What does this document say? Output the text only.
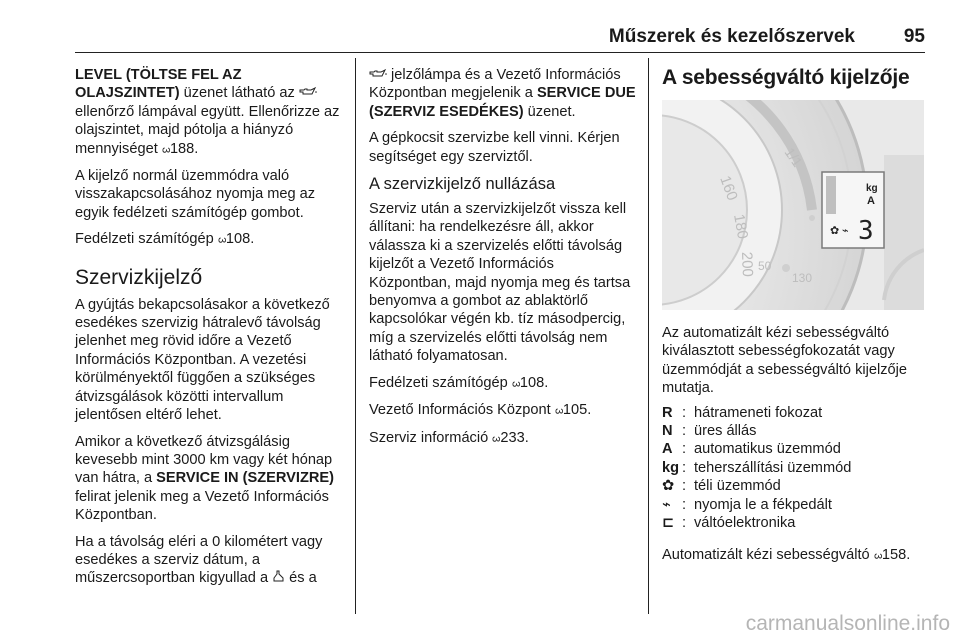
Műszerek és kezelőszervek	95

LEVEL (TÖLTSE FEL AZ OLAJSZINTET) üzenet látható az  ellenőrző lámpával együtt. Ellenőrizze az olajszintet, majd pótolja a hiányzó mennyiséget 3188.

A kijelző normál üzemmódra való visszakapcsolásához nyomja meg az egyik fedélzeti számítógép gombot.

Fedélzeti számítógép 3108.

Szervizkijelző

A gyújtás bekapcsolásakor a következő esedékes szervizig hátralevő távolság jelenhet meg rövid időre a Vezető Információs Központban. A vezetési körülményektől függően a szükséges átvizsgálások közötti intervallum jelentősen eltérő lehet.

Amikor a következő átvizsgálásig kevesebb mint 3000 km vagy két hónap van hátra, a SERVICE IN (SZERVIZRE) felirat jelenik meg a Vezető Információs Központban.

Ha a távolság eléri a 0 kilométert vagy esedékes a szerviz dátum, a műszercsoportban kigyullad a  és a

jelzőlámpa és a Vezető Információs Központban megjelenik a SERVICE DUE (SZERVIZ ESEDÉKES) üzenet.

A gépkocsit szervizbe kell vinni. Kérjen segítséget egy szerviztől.

A szervizkijelző nullázása

Szerviz után a szervizkijelzőt vissza kell állítani: ha rendelkezésre áll, akkor válassza ki a szervizelés előtti távolság kijelzőt a Vezető Információs Központban, majd nyomja meg és tartsa benyomva a gombot az ablaktörlő kapcsolókar végén kb. tíz másodpercig, míg a szervizelés előtti távolság nem látható folyamatosan.

Fedélzeti számítógép 3108.

Vezető Információs Központ 3105.

Szerviz információ 3233.

A sebességváltó kijelzője
160
180
200
1/1
50
130
kg
A
✿ ⌁ 3

Az automatizált kézi sebességváltó kiválasztott sebességfokozatát vagy üzemmódját a sebességváltó kijelzője mutatja.

R	:	hátrameneti fokozat
N	:	üres állás
A	:	automatikus üzemmód
kg	:	teherszállítási üzemmód
✿	:	téli üzemmód
⌁	:	nyomja le a fékpedált
⊏	:	váltóelektronika

Automatizált kézi sebességváltó 3158.

carmanualsonline.info
